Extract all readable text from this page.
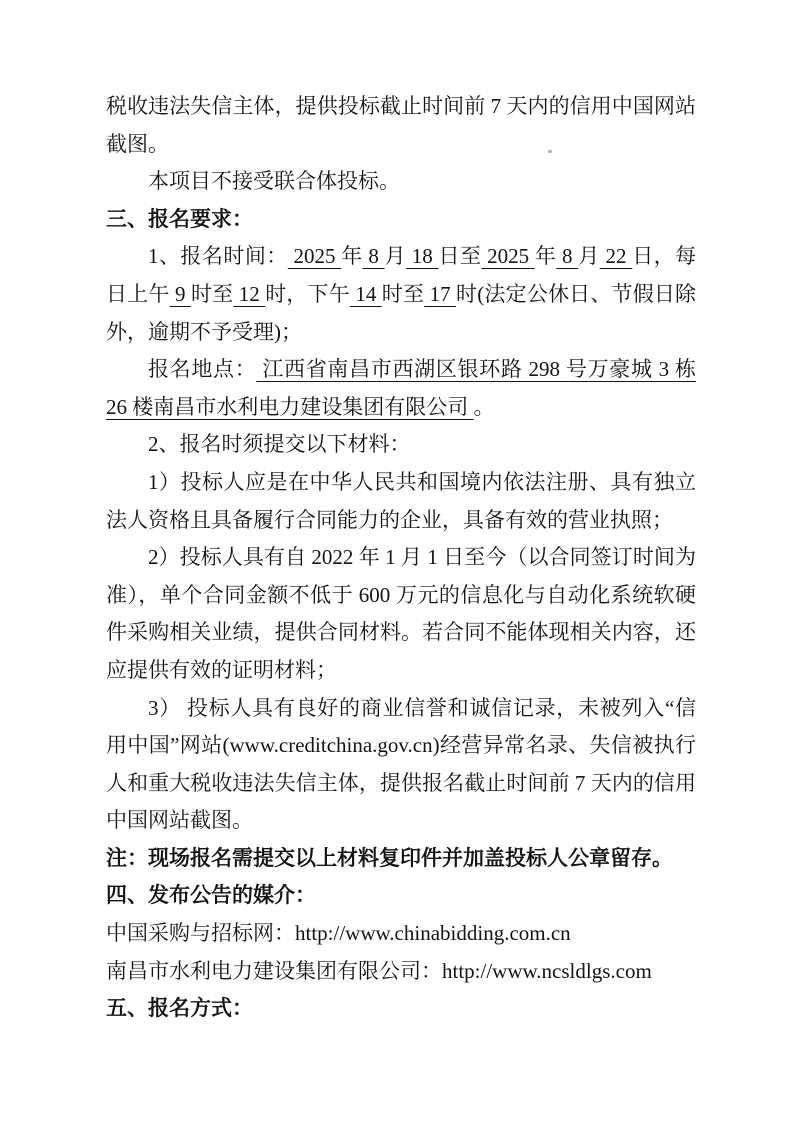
税收违法失信主体，提供投标截止时间前 7 天内的信用中国网站截图。

本项目不接受联合体投标。

三、报名要求：

1、报名时间： 2025 年 8 月 18 日至 2025 年 8 月 22 日，每日上午 9 时至 12 时，下午 14 时至 17 时(法定公休日、节假日除外，逾期不予受理)；

报名地点： 江西省南昌市西湖区银环路 298 号万豪城 3 栋 26 楼南昌市水利电力建设集团有限公司 。

2、报名时须提交以下材料：

1）投标人应是在中华人民共和国境内依法注册、具有独立法人资格且具备履行合同能力的企业，具备有效的营业执照；

2）投标人具有自 2022 年 1 月 1 日至今（以合同签订时间为准），单个合同金额不低于 600 万元的信息化与自动化系统软硬件采购相关业绩，提供合同材料。若合同不能体现相关内容，还应提供有效的证明材料；

3） 投标人具有良好的商业信誉和诚信记录，未被列入“信用中国”网站(www.creditchina.gov.cn)经营异常名录、失信被执行人和重大税收违法失信主体，提供报名截止时间前 7 天内的信用中国网站截图。

注：现场报名需提交以上材料复印件并加盖投标人公章留存。

四、发布公告的媒介：

中国采购与招标网：http://www.chinabidding.com.cn

南昌市水利电力建设集团有限公司：http://www.ncsldlgs.com

五、报名方式：
